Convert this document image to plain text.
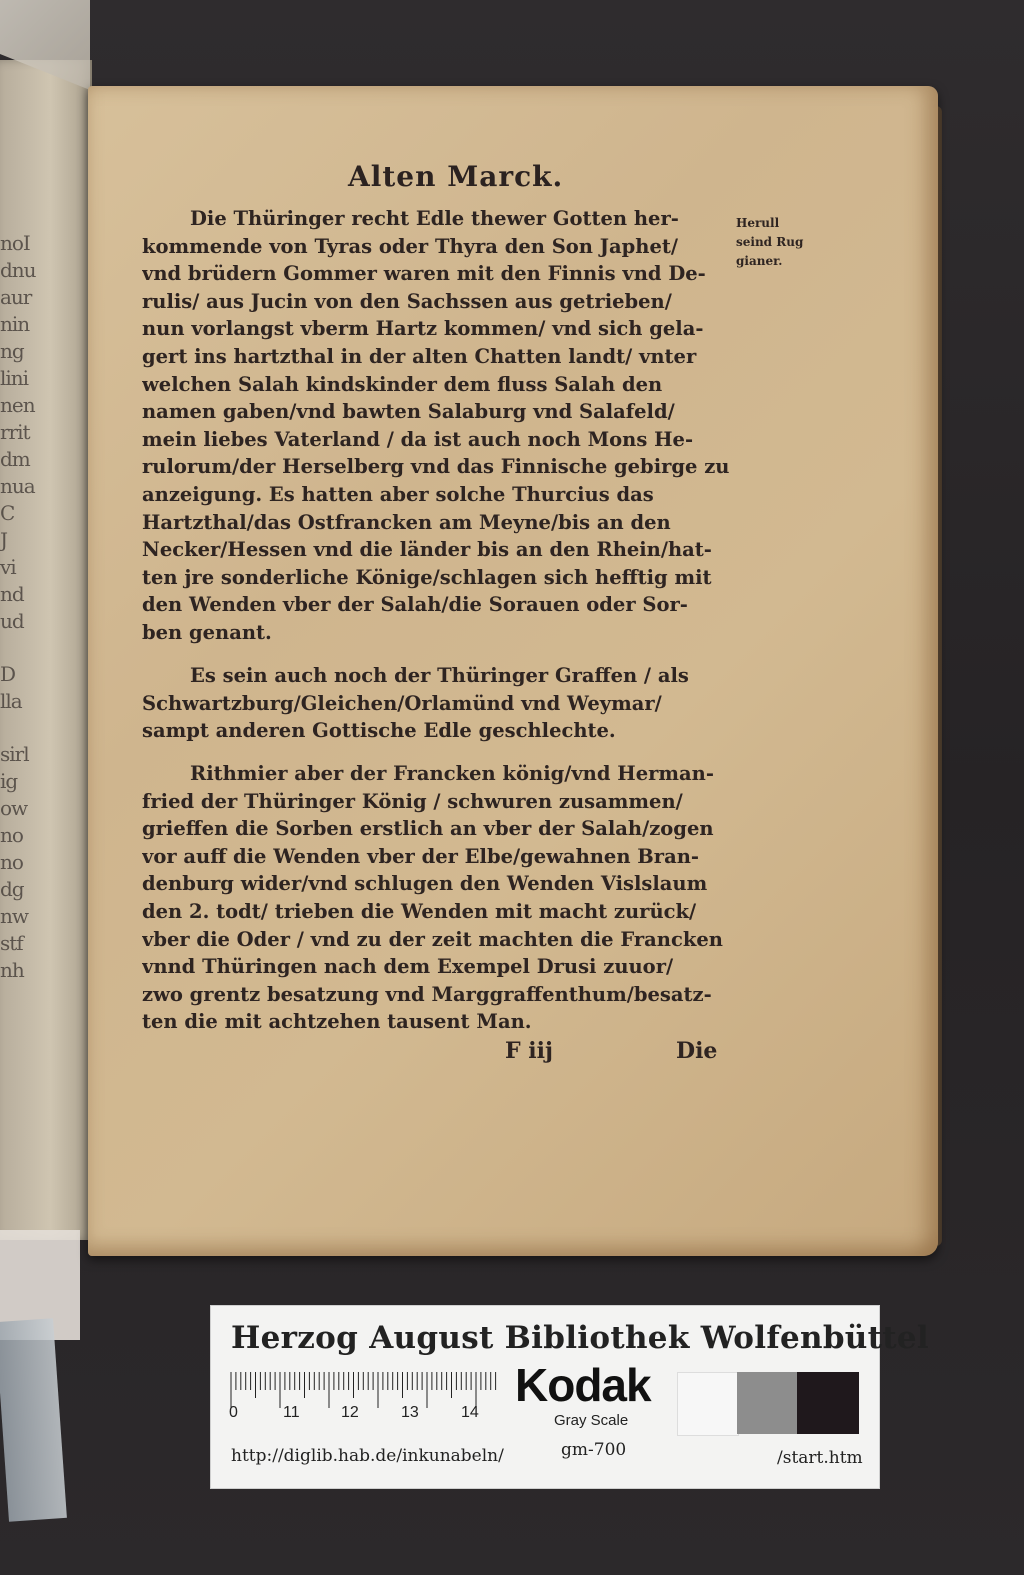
noI
dnu
aur
nin
ng
lini
nen
rrit
dm
nua
C
J
vi
nd
ud
D
lla
sirl
ig
ow
no
no
dg
nw
stf
nh
Alten Marck.
Herull
seind Rug
gianer.
Die Thüringer recht Edle thewer Gotten her-
kommende von Tyras oder Thyra den Son Japhet/
vnd brüdern Gommer waren mit den Finnis vnd De-
rulis/ aus Jucin von den Sachssen aus getrieben/
nun vorlangst vberm Hartz kommen/ vnd sich gela-
gert ins hartzthal in der alten Chatten landt/ vnter
welchen Salah kindskinder dem fluss Salah den
namen gaben/vnd bawten Salaburg vnd Salafeld/
mein liebes Vaterland / da ist auch noch Mons He-
rulorum/der Herselberg vnd das Finnische gebirge zu
anzeigung. Es hatten aber solche Thurcius das
Hartzthal/das Ostfrancken am Meyne/bis an den
Necker/Hessen vnd die länder bis an den Rhein/hat-
ten jre sonderliche Könige/schlagen sich hefftig mit
den Wenden vber der Salah/die Sorauen oder Sor-
ben genant.
Es sein auch noch der Thüringer Graffen / als
Schwartzburg/Gleichen/Orlamünd vnd Weymar/
sampt anderen Gottische Edle geschlechte.
Rithmier aber der Francken könig/vnd Herman-
fried der Thüringer König / schwuren zusammen/
grieffen die Sorben erstlich an vber der Salah/zogen
vor auff die Wenden vber der Elbe/gewahnen Bran-
denburg wider/vnd schlugen den Wenden Vislslaum
den 2. todt/ trieben die Wenden mit macht zurück/
vber die Oder / vnd zu der zeit machten die Francken
vnnd Thüringen nach dem Exempel Drusi zuuor/
zwo grentz besatzung vnd Marggraffenthum/besatz-
ten die mit achtzehen tausent Man.
F iij	Die
Herzog August Bibliothek Wolfenbüttel
0	11	12	13	14
Kodak
Gray Scale
http://diglib.hab.de/inkunabeln/	gm-700	/start.htm
